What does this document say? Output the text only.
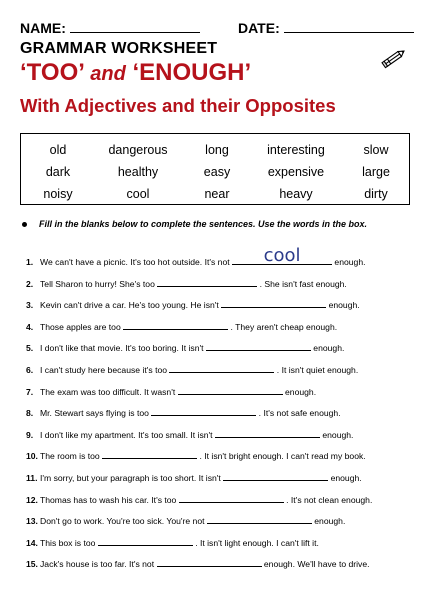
NAME:	DATE:
GRAMMAR WORKSHEET
‘TOO’ and ‘ENOUGH’
With Adjectives and their Opposites
old	dangerous	long	interesting	slow
dark	healthy	easy	expensive	large
noisy	cool	near	heavy	dirty
Fill in the blanks below to complete the sentences. Use the words in the box.
1. We can't have a picnic. It's too hot outside. It's not	cool	enough.
2. Tell Sharon to hurry! She's too	. She isn't fast enough.
3. Kevin can't drive a car. He's too young. He isn't	enough.
4. Those apples are too	. They aren't cheap enough.
5. I don't like that movie. It's too boring. It isn't	enough.
6. I can't study here because it's too	. It isn't quiet enough.
7. The exam was too difficult. It wasn't	enough.
8. Mr. Stewart says flying is too	. It's not safe enough.
9. I don't like my apartment. It's too small. It isn't	enough.
10. The room is too	. It isn't bright enough. I can't read my book.
11. I'm sorry, but your paragraph is too short. It isn't	enough.
12. Thomas has to wash his car. It's too	. It's not clean enough.
13. Don't go to work. You're too sick. You're not	enough.
14. This box is too	. It isn't light enough. I can't lift it.
15. Jack's house is too far. It's not	enough. We'll have to drive.
